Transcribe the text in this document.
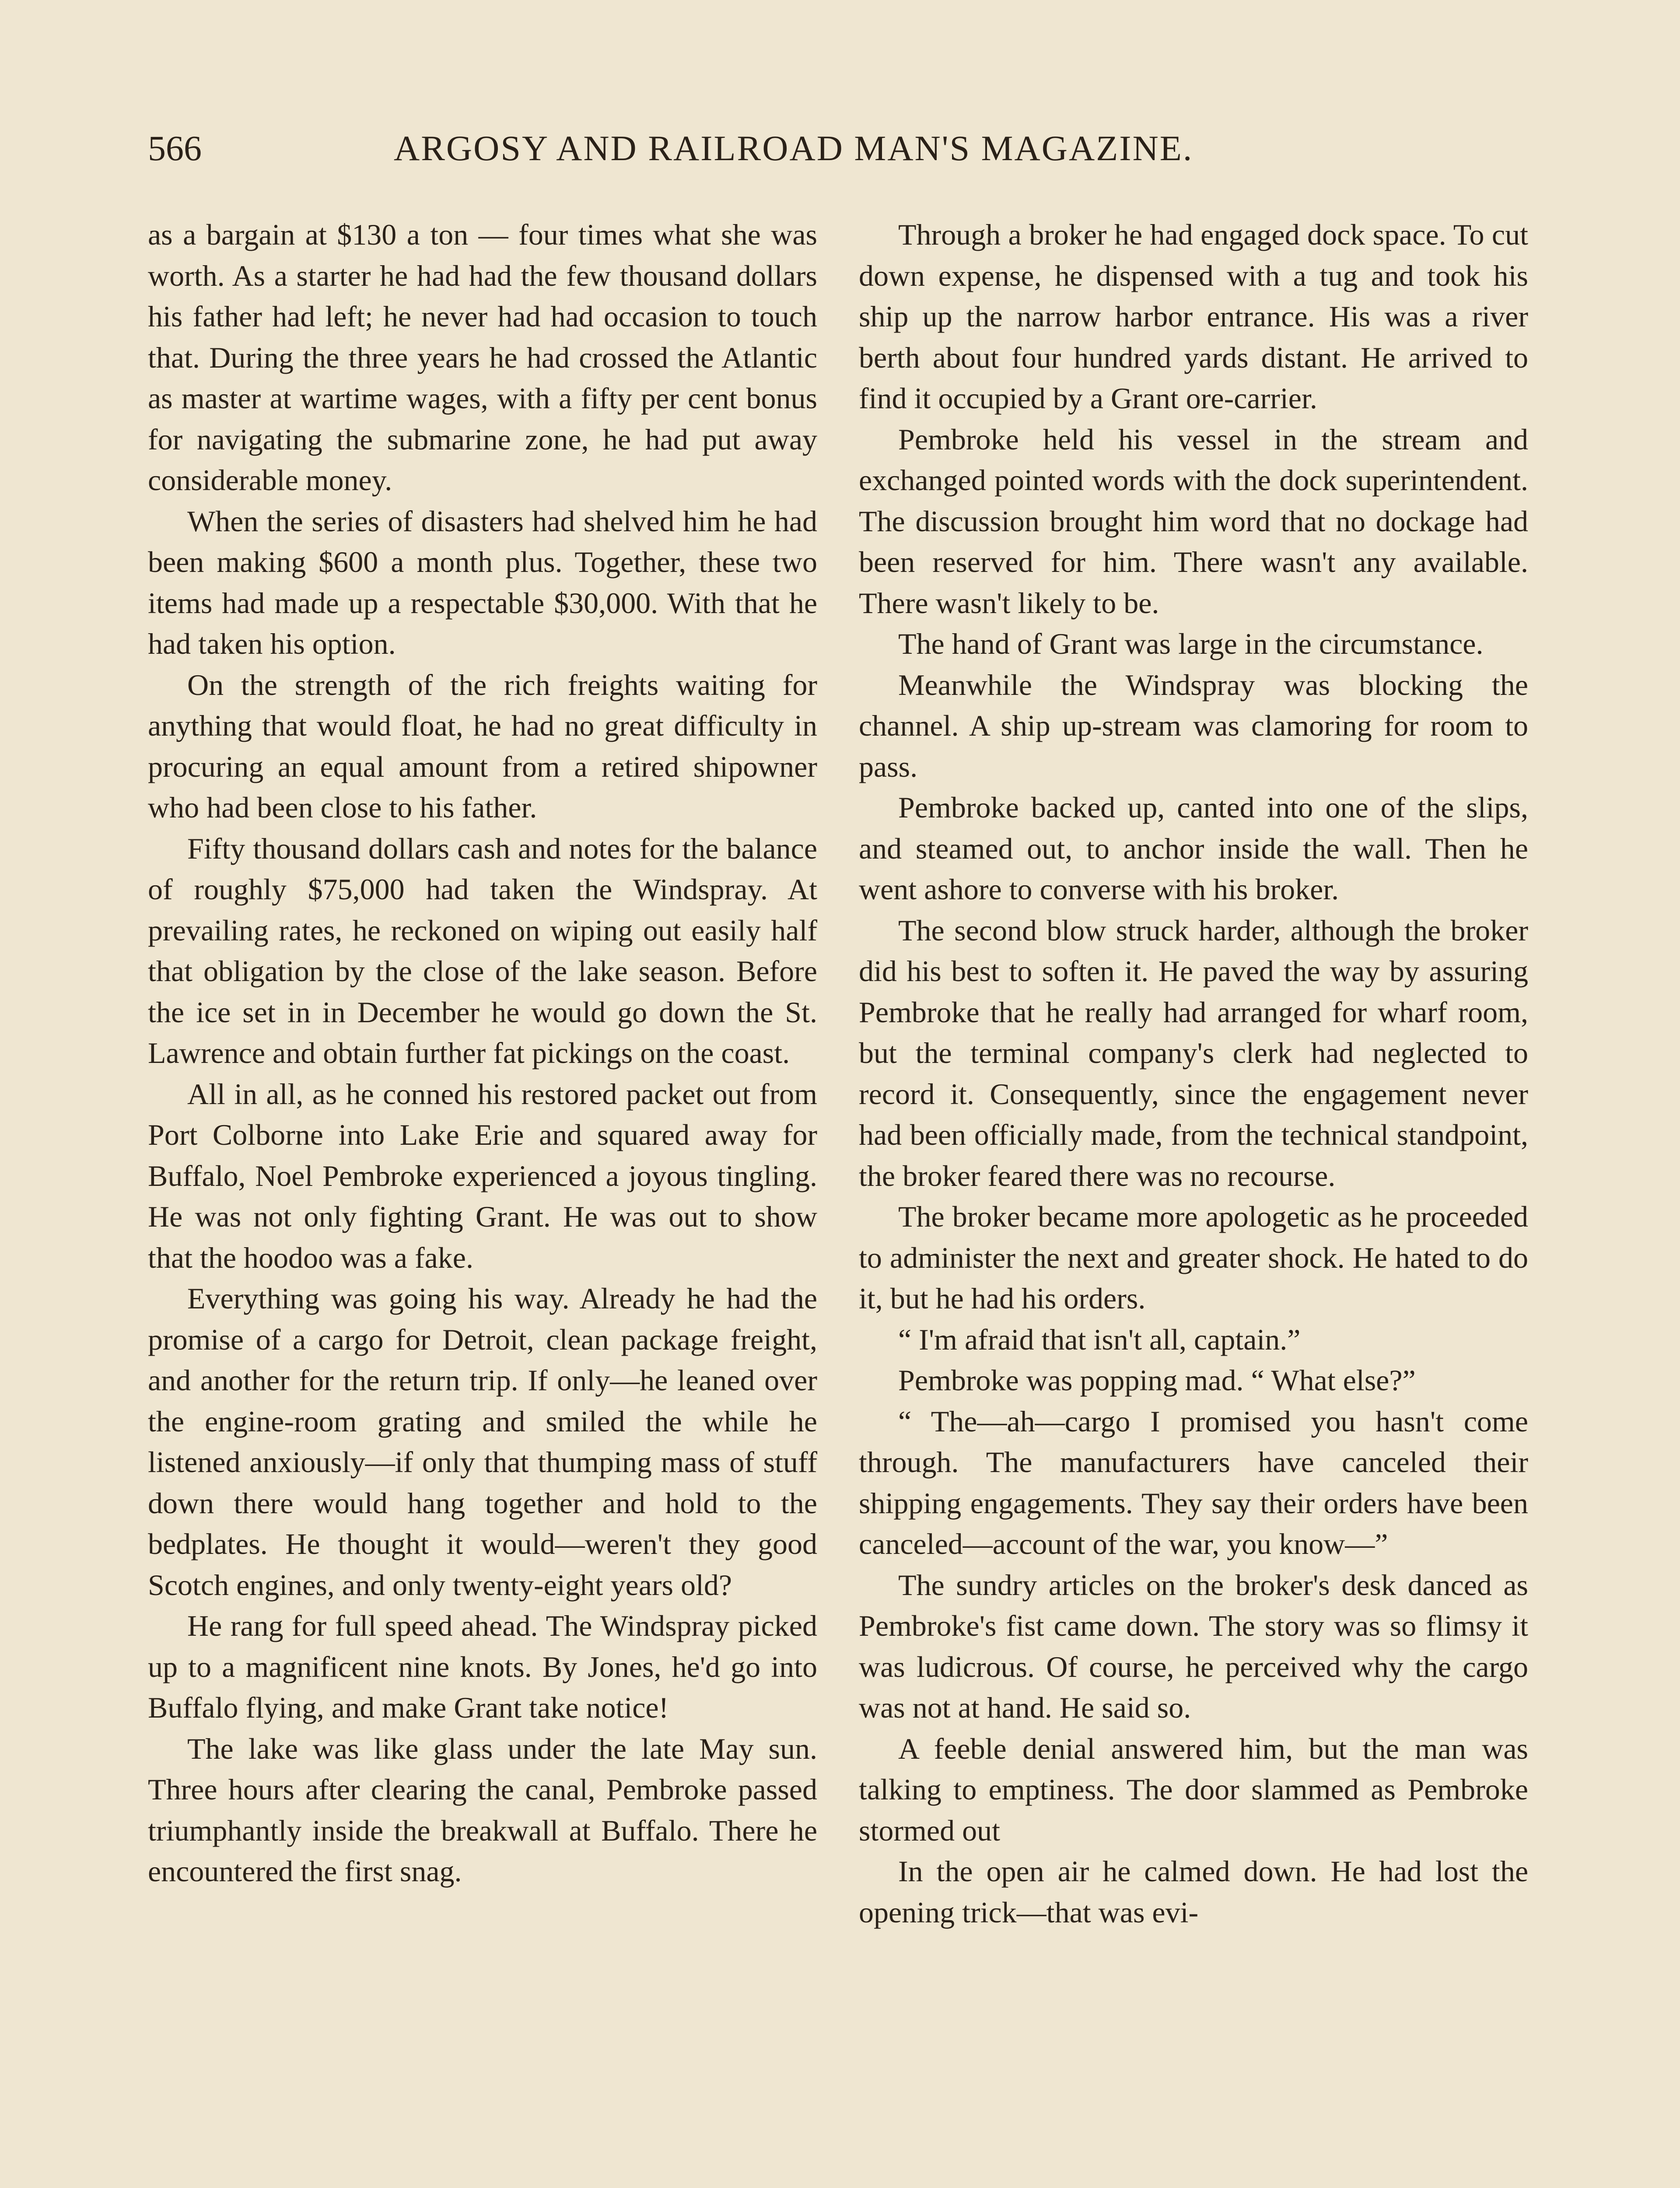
566	ARGOSY AND RAILROAD MAN'S MAGAZINE.

as a bargain at $130 a ton — four times what she was worth. As a starter he had had the few thousand dollars his father had left; he never had had occasion to touch that. During the three years he had crossed the Atlantic as master at wartime wages, with a fifty per cent bonus for navigating the submarine zone, he had put away considerable money.

When the series of disasters had shelved him he had been making $600 a month plus. Together, these two items had made up a respectable $30,000. With that he had taken his option.

On the strength of the rich freights waiting for anything that would float, he had no great difficulty in procuring an equal amount from a retired shipowner who had been close to his father.

Fifty thousand dollars cash and notes for the balance of roughly $75,000 had taken the Windspray. At prevailing rates, he reckoned on wiping out easily half that obligation by the close of the lake season. Before the ice set in in December he would go down the St. Lawrence and obtain further fat pickings on the coast.

All in all, as he conned his restored packet out from Port Colborne into Lake Erie and squared away for Buffalo, Noel Pembroke experienced a joyous tingling. He was not only fighting Grant. He was out to show that the hoodoo was a fake.

Everything was going his way. Already he had the promise of a cargo for Detroit, clean package freight, and another for the return trip. If only—he leaned over the engine-room grating and smiled the while he listened anxiously—if only that thumping mass of stuff down there would hang together and hold to the bedplates. He thought it would—weren't they good Scotch engines, and only twenty-eight years old?

He rang for full speed ahead. The Windspray picked up to a magnificent nine knots. By Jones, he'd go into Buffalo flying, and make Grant take notice!

The lake was like glass under the late May sun. Three hours after clearing the canal, Pembroke passed triumphantly inside the breakwall at Buffalo. There he encountered the first snag.

Through a broker he had engaged dock space. To cut down expense, he dispensed with a tug and took his ship up the narrow harbor entrance. His was a river berth about four hundred yards distant. He arrived to find it occupied by a Grant ore-carrier.

Pembroke held his vessel in the stream and exchanged pointed words with the dock superintendent. The discussion brought him word that no dockage had been reserved for him. There wasn't any available. There wasn't likely to be.

The hand of Grant was large in the circumstance.

Meanwhile the Windspray was blocking the channel. A ship up-stream was clamoring for room to pass.

Pembroke backed up, canted into one of the slips, and steamed out, to anchor inside the wall. Then he went ashore to converse with his broker.

The second blow struck harder, although the broker did his best to soften it. He paved the way by assuring Pembroke that he really had arranged for wharf room, but the terminal company's clerk had neglected to record it. Consequently, since the engagement never had been officially made, from the technical standpoint, the broker feared there was no recourse.

The broker became more apologetic as he proceeded to administer the next and greater shock. He hated to do it, but he had his orders.

“ I'm afraid that isn't all, captain.”

Pembroke was popping mad. “ What else?”

“ The—ah—cargo I promised you hasn't come through. The manufacturers have canceled their shipping engagements. They say their orders have been canceled—account of the war, you know—”

The sundry articles on the broker's desk danced as Pembroke's fist came down. The story was so flimsy it was ludicrous. Of course, he perceived why the cargo was not at hand. He said so.

A feeble denial answered him, but the man was talking to emptiness. The door slammed as Pembroke stormed out

In the open air he calmed down. He had lost the opening trick—that was evi-
